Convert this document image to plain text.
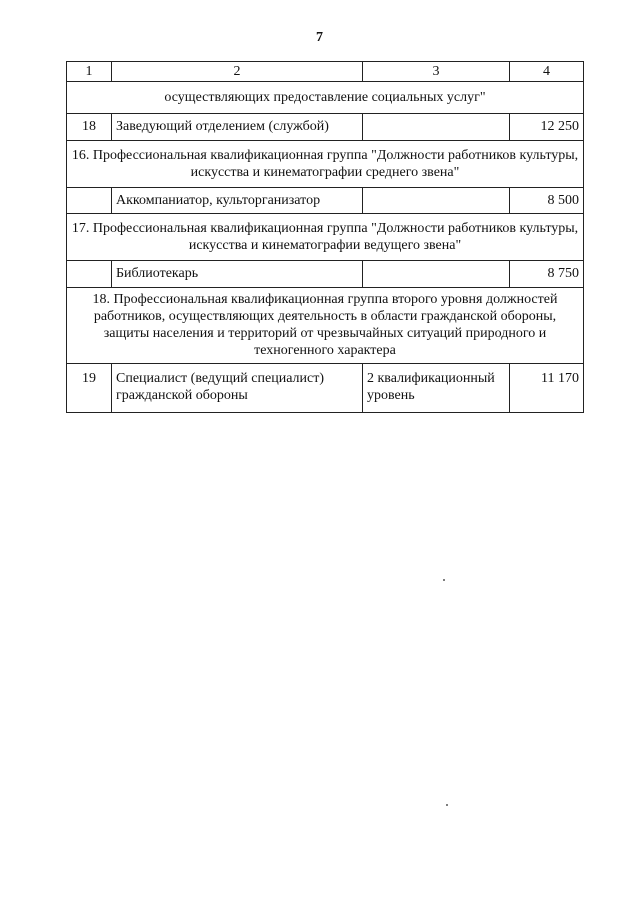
7
1	2	3	4
осуществляющих предоставление социальных услуг"			
18	Заведующий отделением (службой)		12 250
16. Профессиональная квалификационная группа "Должности работников культуры, искусства и кинематографии среднего звена"			
	Аккомпаниатор, культорганизатор		8 500
17. Профессиональная квалификационная группа "Должности работников культуры, искусства и кинематографии ведущего звена"			
	Библиотекарь		8 750
18. Профессиональная квалификационная группа второго уровня должностей работников, осуществляющих деятельность в области гражданской обороны, защиты населения и территорий от чрезвычайных ситуаций природного и техногенного характера			
19	Специалист (ведущий специалист) гражданской обороны	2 квалификационный уровень	11 170
